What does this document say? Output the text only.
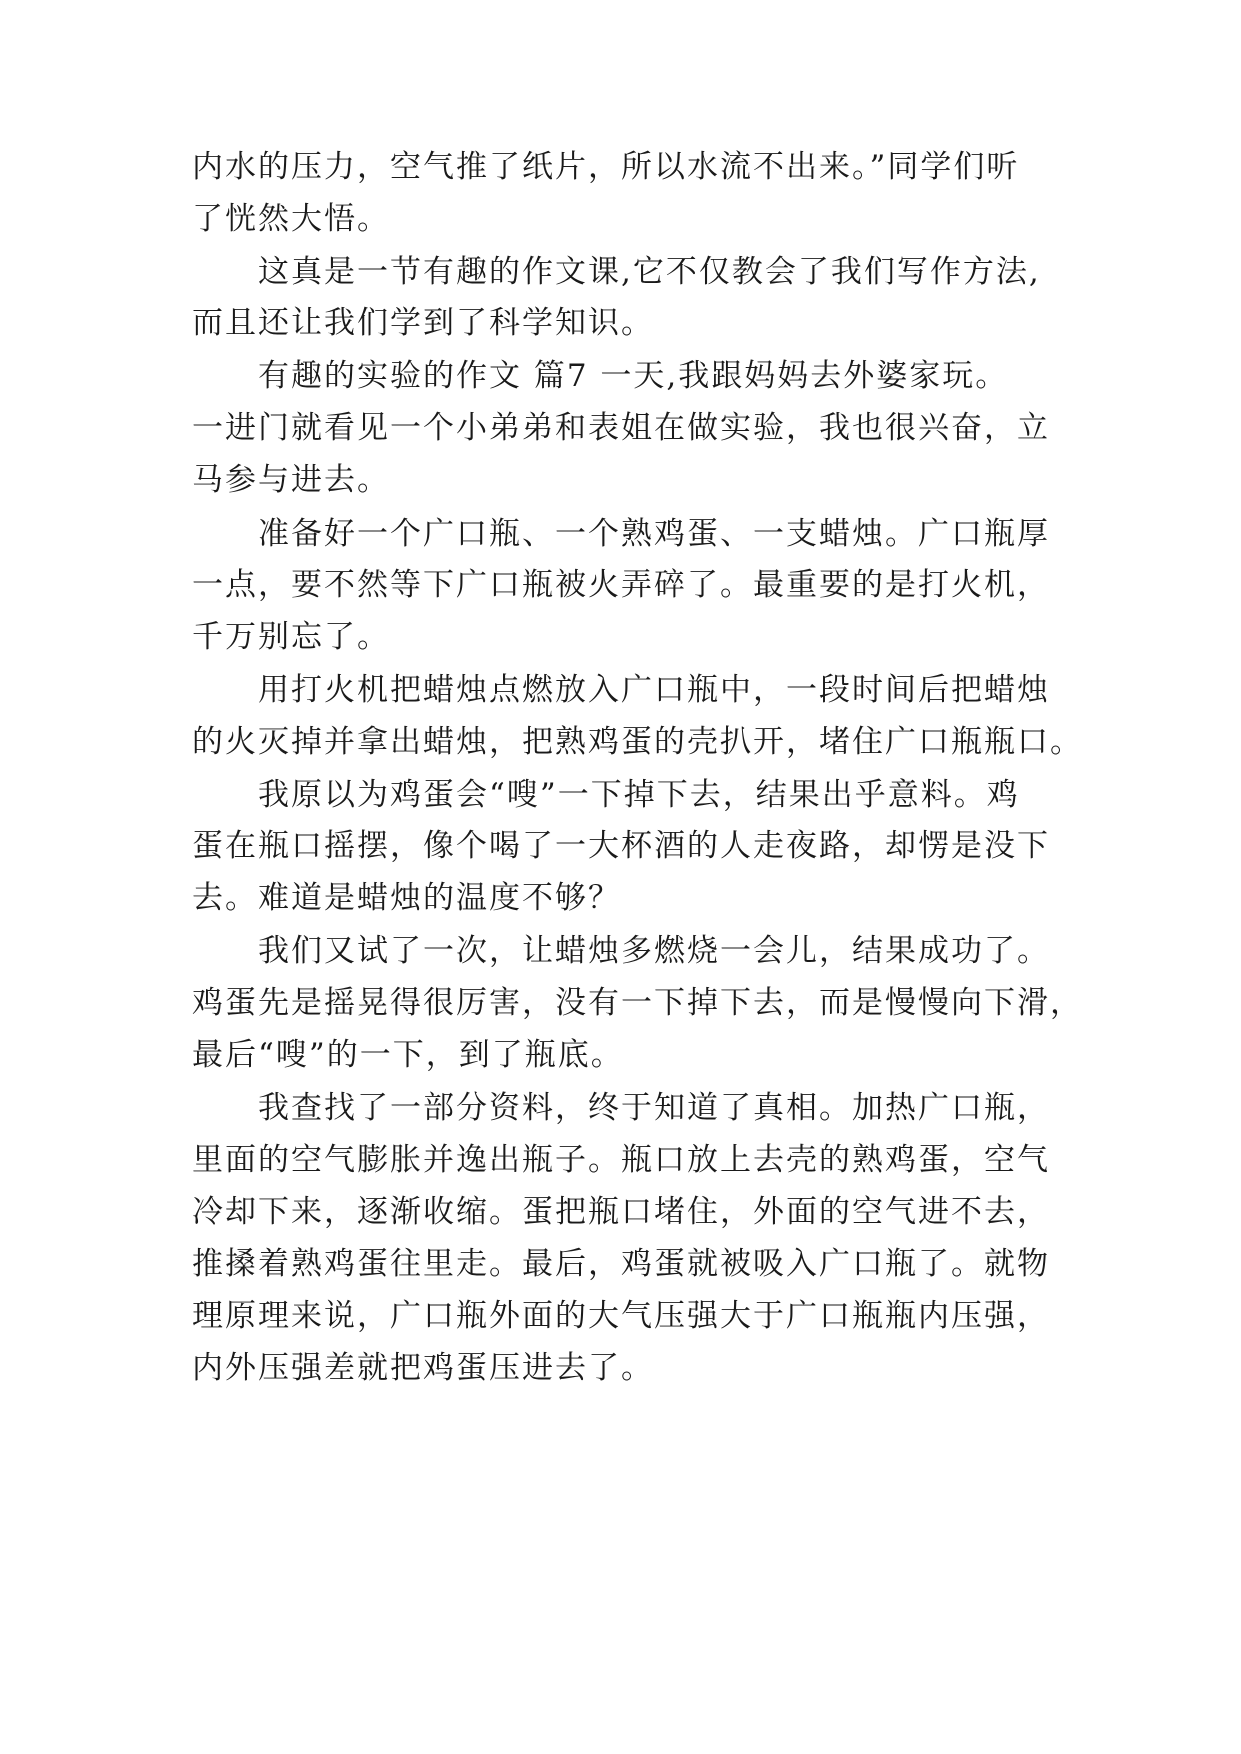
内水的压力，空气推了纸片，所以水流不出来。”同学们听
了恍然大悟。
这真是一节有趣的作文课,它不仅教会了我们写作方法,
而且还让我们学到了科学知识。
有趣的实验的作文 篇7 一天,我跟妈妈去外婆家玩。
一进门就看见一个小弟弟和表姐在做实验，我也很兴奋，立
马参与进去。
准备好一个广口瓶、一个熟鸡蛋、一支蜡烛。广口瓶厚
一点，要不然等下广口瓶被火弄碎了。最重要的是打火机，
千万别忘了。
用打火机把蜡烛点燃放入广口瓶中，一段时间后把蜡烛
的火灭掉并拿出蜡烛，把熟鸡蛋的壳扒开，堵住广口瓶瓶口。
我原以为鸡蛋会“嗖”一下掉下去，结果出乎意料。鸡
蛋在瓶口摇摆，像个喝了一大杯酒的人走夜路，却愣是没下
去。难道是蜡烛的温度不够？
我们又试了一次，让蜡烛多燃烧一会儿，结果成功了。
鸡蛋先是摇晃得很厉害，没有一下掉下去，而是慢慢向下滑，
最后“嗖”的一下，到了瓶底。
我查找了一部分资料，终于知道了真相。加热广口瓶，
里面的空气膨胀并逸出瓶子。瓶口放上去壳的熟鸡蛋，空气
冷却下来，逐渐收缩。蛋把瓶口堵住，外面的空气进不去，
推搡着熟鸡蛋往里走。最后，鸡蛋就被吸入广口瓶了。就物
理原理来说，广口瓶外面的大气压强大于广口瓶瓶内压强，
内外压强差就把鸡蛋压进去了。
